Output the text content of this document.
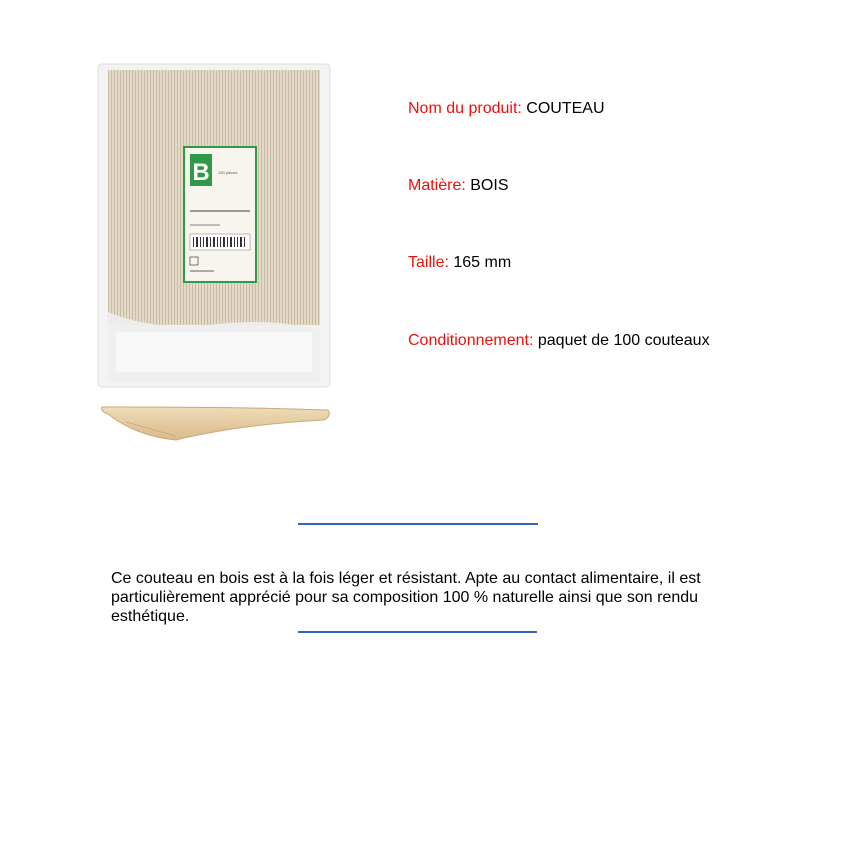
B 100 pièces
Nom du produit: COUTEAU
Matière: BOIS
Taille: 165 mm
Conditionnement: paquet de 100 couteaux

Ce couteau en bois est à la fois léger et résistant. Apte au contact alimentaire, il est particulièrement apprécié pour sa composition 100 % naturelle ainsi que son rendu esthétique.
